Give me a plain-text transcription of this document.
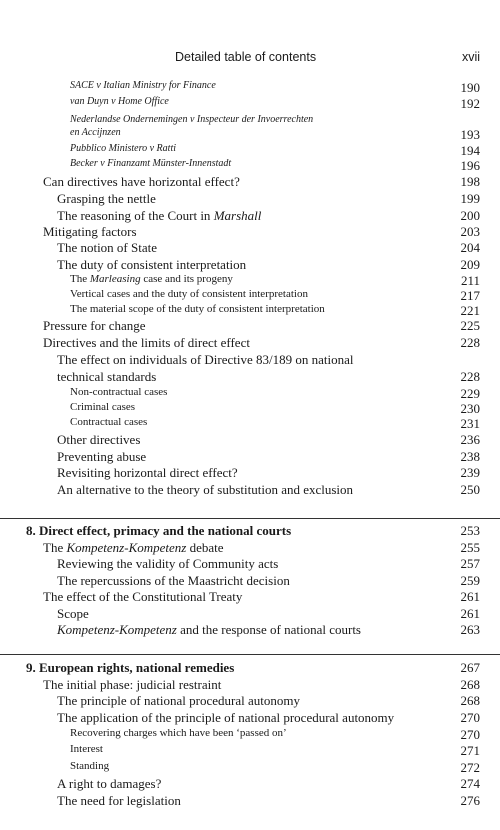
Detailed table of contents	xvii
SACE v Italian Ministry for Finance	190
van Duyn v Home Office	192
Nederlandse Ondernemingen v Inspecteur der Invoerrechten
en Accijnzen	193
Pubblico Ministero v Ratti	194
Becker v Finanzamt Münster-Innenstadt	196
Can directives have horizontal effect?	198
Grasping the nettle	199
The reasoning of the Court in Marshall	200
Mitigating factors	203
The notion of State	204
The duty of consistent interpretation	209
The Marleasing case and its progeny	211
Vertical cases and the duty of consistent interpretation	217
The material scope of the duty of consistent interpretation	221
Pressure for change	225
Directives and the limits of direct effect	228
The effect on individuals of Directive 83/189 on national
technical standards	228
Non-contractual cases	229
Criminal cases	230
Contractual cases	231
Other directives	236
Preventing abuse	238
Revisiting horizontal direct effect?	239
An alternative to the theory of substitution and exclusion	250
8. Direct effect, primacy and the national courts	253
The Kompetenz-Kompetenz debate	255
Reviewing the validity of Community acts	257
The repercussions of the Maastricht decision	259
The effect of the Constitutional Treaty	261
Scope	261
Kompetenz-Kompetenz and the response of national courts	263
9. European rights, national remedies	267
The initial phase: judicial restraint	268
The principle of national procedural autonomy	268
The application of the principle of national procedural autonomy	270
Recovering charges which have been ‘passed on’	270
Interest	271
Standing	272
A right to damages?	274
The need for legislation	276
